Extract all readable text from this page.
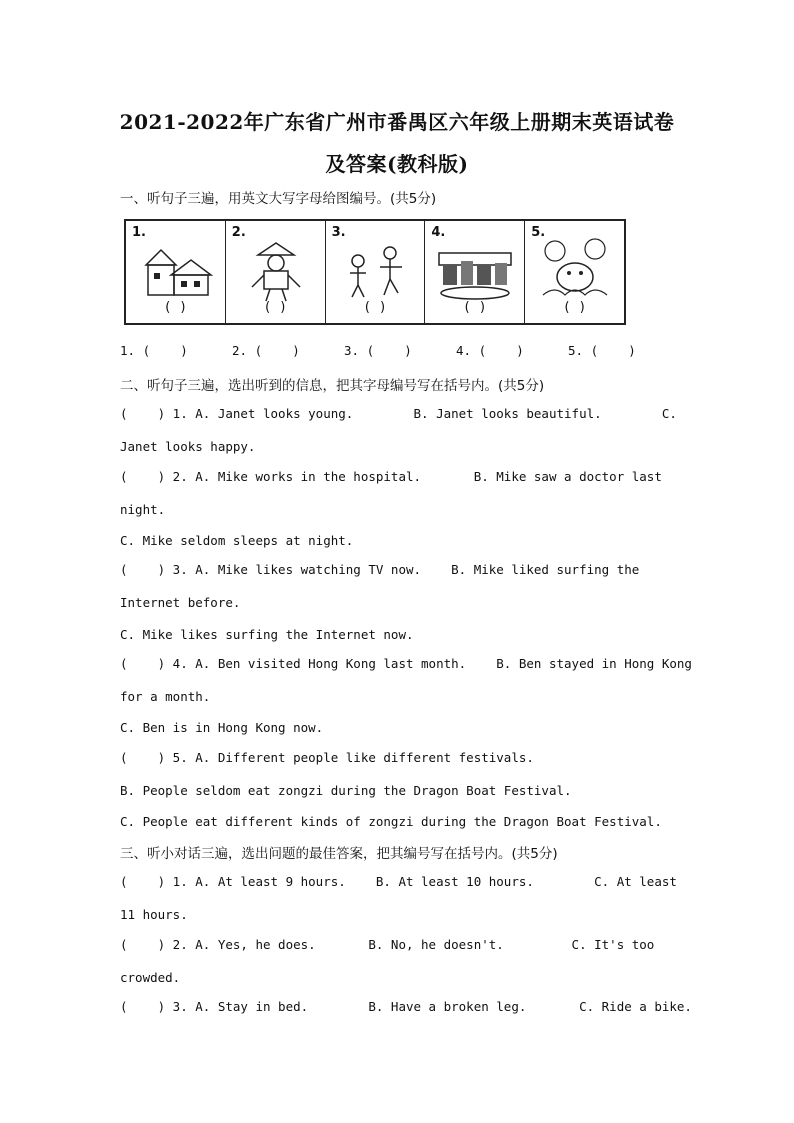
2021-2022年广东省广州市番禺区六年级上册期末英语试卷
及答案(教科版)
一、听句子三遍，用英文大写字母给图编号。(共5分)
1.
( )
2.
( )
3.
( )
4.
( )
5.
( )
1. (    )	2. (    )	3. (    )	4. (    )	5. (    )
二、听句子三遍，选出听到的信息，把其字母编号写在括号内。(共5分)
(    ) 1. A. Janet looks young.        B. Janet looks beautiful.        C.
Janet looks happy.
(    ) 2. A. Mike works in the hospital.       B. Mike saw a doctor last
night.
C. Mike seldom sleeps at night.
(    ) 3. A. Mike likes watching TV now.    B. Mike liked surfing the
Internet before.
C. Mike likes surfing the Internet now.
(    ) 4. A. Ben visited Hong Kong last month.    B. Ben stayed in Hong Kong
for a month.
C. Ben is in Hong Kong now.
(    ) 5. A. Different people like different festivals.
B. People seldom eat zongzi during the Dragon Boat Festival.
C. People eat different kinds of zongzi during the Dragon Boat Festival.
三、听小对话三遍，选出问题的最佳答案，把其编号写在括号内。(共5分)
(    ) 1. A. At least 9 hours.    B. At least 10 hours.        C. At least
11 hours.
(    ) 2. A. Yes, he does.       B. No, he doesn't.         C. It's too
crowded.
(    ) 3. A. Stay in bed.        B. Have a broken leg.       C. Ride a bike.
